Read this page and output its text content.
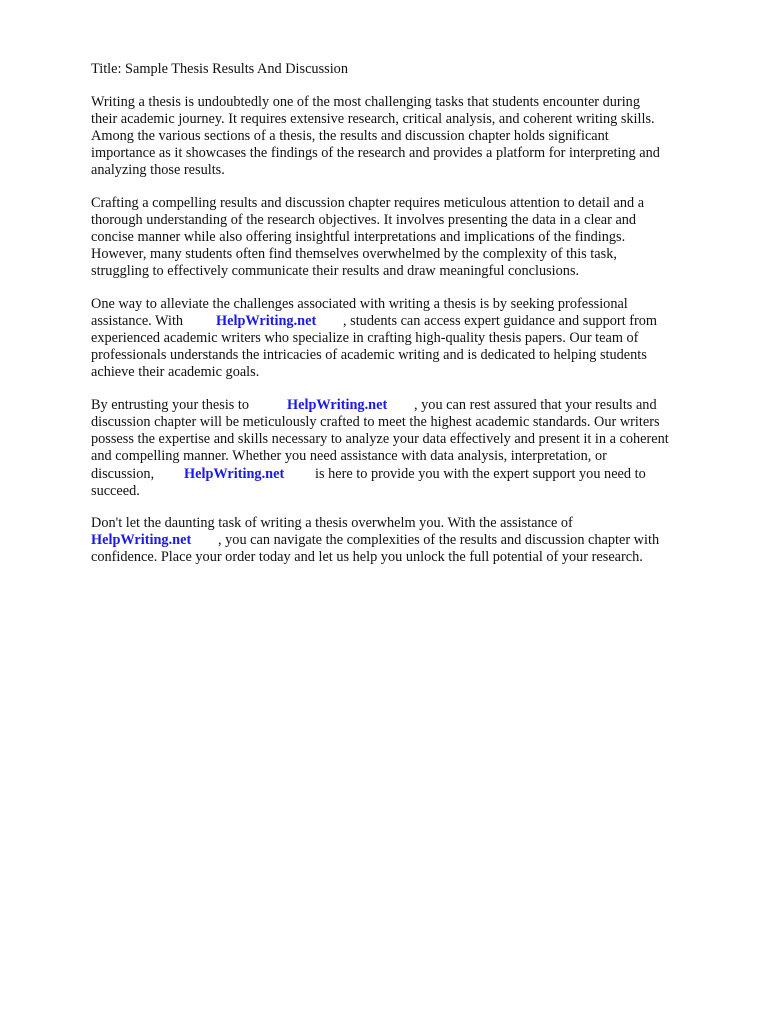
Title: Sample Thesis Results And Discussion
Writing a thesis is undoubtedly one of the most challenging tasks that students encounter during
their academic journey. It requires extensive research, critical analysis, and coherent writing skills.
Among the various sections of a thesis, the results and discussion chapter holds significant
importance as it showcases the findings of the research and provides a platform for interpreting and
analyzing those results.
Crafting a compelling results and discussion chapter requires meticulous attention to detail and a
thorough understanding of the research objectives. It involves presenting the data in a clear and
concise manner while also offering insightful interpretations and implications of the findings.
However, many students often find themselves overwhelmed by the complexity of this task,
struggling to effectively communicate their results and draw meaningful conclusions.
One way to alleviate the challenges associated with writing a thesis is by seeking professional
assistance. With HelpWriting.net , students can access expert guidance and support from
experienced academic writers who specialize in crafting high-quality thesis papers. Our team of
professionals understands the intricacies of academic writing and is dedicated to helping students
achieve their academic goals.
By entrusting your thesis to	HelpWriting.net , you can rest assured that your results and
discussion chapter will be meticulously crafted to meet the highest academic standards. Our writers
possess the expertise and skills necessary to analyze your data effectively and present it in a coherent
and compelling manner. Whether you need assistance with data analysis, interpretation, or
discussion, HelpWriting.net is here to provide you with the expert support you need to
succeed.
Don't let the daunting task of writing a thesis overwhelm you. With the assistance of
HelpWriting.net , you can navigate the complexities of the results and discussion chapter with
confidence. Place your order today and let us help you unlock the full potential of your research.
